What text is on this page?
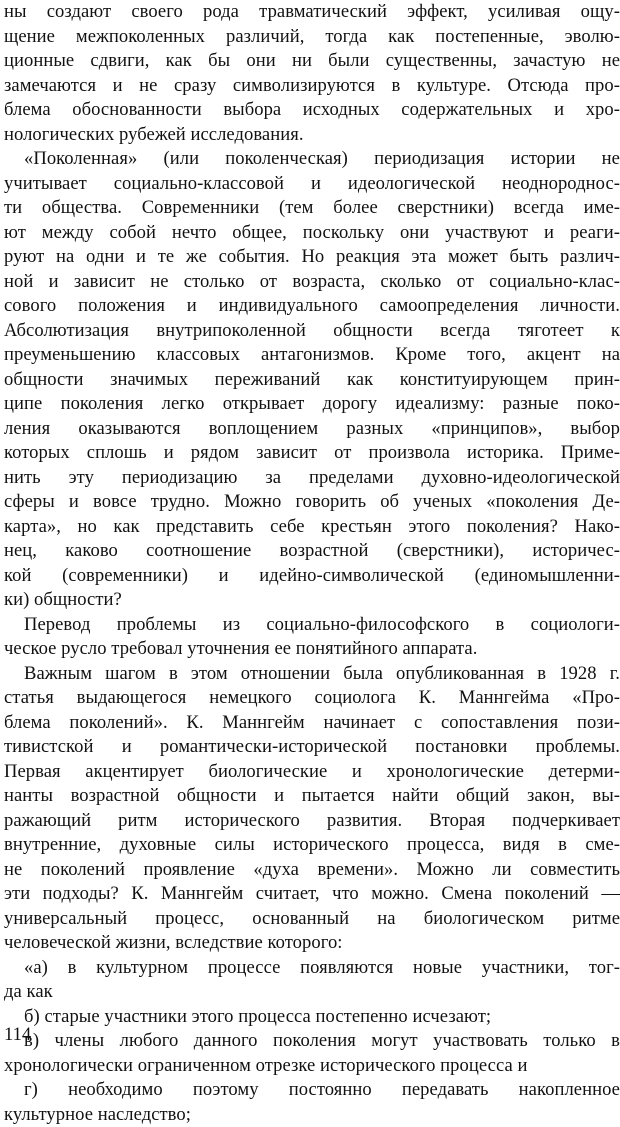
ны создают своего рода травматический эффект, усиливая ощу-
щение межпоколенных различий, тогда как постепенные, эволю-
ционные сдвиги, как бы они ни были существенны, зачастую не
замечаются и не сразу символизируются в культуре. Отсюда про-
блема обоснованности выбора исходных содержательных и хро-
нологических рубежей исследования.
«Поколенная» (или поколенческая) периодизация истории не
учитывает социально-классовой и идеологической неоднороднос-
ти общества. Современники (тем более сверстники) всегда име-
ют между собой нечто общее, поскольку они участвуют и реаги-
руют на одни и те же события. Но реакция эта может быть различ-
ной и зависит не столько от возраста, сколько от социально-клас-
сового положения и индивидуального самоопределения личности.
Абсолютизация внутрипоколенной общности всегда тяготеет к
преуменьшению классовых антагонизмов. Кроме того, акцент на
общности значимых переживаний как конституирующем прин-
ципе поколения легко открывает дорогу идеализму: разные поко-
ления оказываются воплощением разных «принципов», выбор
которых сплошь и рядом зависит от произвола историка. Приме-
нить эту периодизацию за пределами духовно-идеологической
сферы и вовсе трудно. Можно говорить об ученых «поколения Де-
карта», но как представить себе крестьян этого поколения? Нако-
нец, каково соотношение возрастной (сверстники), историчес-
кой (современники) и идейно-символической (единомышленни-
ки) общности?
Перевод проблемы из социально-философского в социологи-
ческое русло требовал уточнения ее понятийного аппарата.
Важным шагом в этом отношении была опубликованная в 1928 г.
статья выдающегося немецкого социолога К. Маннгейма «Про-
блема поколений». К. Маннгейм начинает с сопоставления пози-
тивистской и романтически-исторической постановки проблемы.
Первая акцентирует биологические и хронологические детерми-
нанты возрастной общности и пытается найти общий закон, вы-
ражающий ритм исторического развития. Вторая подчеркивает
внутренние, духовные силы исторического процесса, видя в сме-
не поколений проявление «духа времени». Можно ли совместить
эти подходы? К. Маннгейм считает, что можно. Смена поколений —
универсальный процесс, основанный на биологическом ритме
человеческой жизни, вследствие которого:
«а) в культурном процессе появляются новые участники, тог-
да как
б) старые участники этого процесса постепенно исчезают;
в) члены любого данного поколения могут участвовать только в
хронологически ограниченном отрезке исторического процесса и
г) необходимо поэтому постоянно передавать накопленное
культурное наследство;
114
